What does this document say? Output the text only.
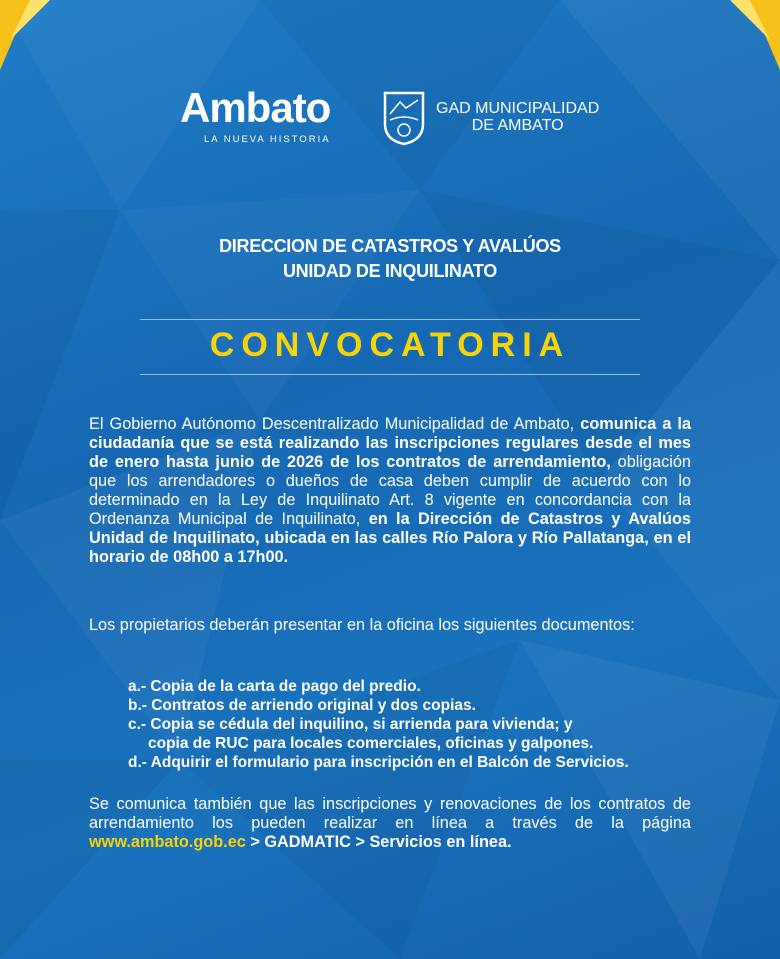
Ambato
LA NUEVA HISTORIA
GAD MUNICIPALIDAD
DE AMBATO
DIRECCION DE CATASTROS Y AVALÚOS
UNIDAD DE INQUILINATO
CONVOCATORIA
El Gobierno Autónomo Descentralizado Municipalidad de Ambato, comunica a la ciudadanía que se está realizando las inscripciones regulares desde el mes de enero hasta junio de 2026 de los contratos de arrendamiento, obligación que los arrendadores o dueños de casa deben cumplir de acuerdo con lo determinado en la Ley de Inquilinato Art. 8 vigente en concordancia con la Ordenanza Municipal de Inquilinato, en la Dirección de Catastros y Avalúos Unidad de Inquilinato, ubicada en las calles Río Palora y Río Pallatanga, en el horario de 08h00 a 17h00.
Los propietarios deberán presentar en la oficina los siguientes documentos:
a.- Copia de la carta de pago del predio.
b.- Contratos de arriendo original y dos copias.
c.- Copia se cédula del inquilino, si arrienda para vivienda; y
copia de RUC para locales comerciales, oficinas y galpones.
d.- Adquirir el formulario para inscripción en el Balcón de Servicios.
Se comunica también que las inscripciones y renovaciones de los contratos de arrendamiento los pueden realizar en línea a través de la página www.ambato.gob.ec > GADMATIC > Servicios en línea.
